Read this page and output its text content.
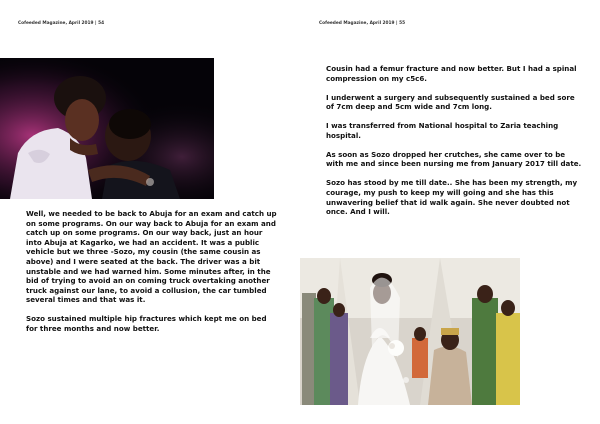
Cofeeded Magazine, April 2019 | 54

Well, we needed to be back to Abuja for an exam and catch up on some programs. On our way back to Abuja for an exam and catch up on some programs. On our way back, just an hour into Abuja at Kagarko, we had an accident. It was a public vehicle but we three -Sozo, my cousin (the same cousin as above) and I were seated at the back. The driver was a bit unstable and we had warned him. Some minutes after, in the bid of trying to avoid an on coming truck overtaking another truck against our lane, to avoid a collusion, the car tumbled several times and that was it.

Sozo sustained multiple hip fractures which kept me on bed for three months and now better.

Cofeeded Magazine, April 2019 | 55

Cousin had a femur fracture and now better. But I had a spinal compression on my c5c6.

I underwent a surgery and subsequently sustained a bed sore of 7cm deep and 5cm wide and 7cm long.

I was transferred from National hospital to Zaria teaching hospital.

As soon as Sozo dropped her crutches, she came over to be with me and since been nursing me from January 2017 till date.

Sozo has stood by me till date.. She has been my strength, my courage, my push to keep my will going and she has this unwavering belief that id walk again. She never doubted not once. And I will.
